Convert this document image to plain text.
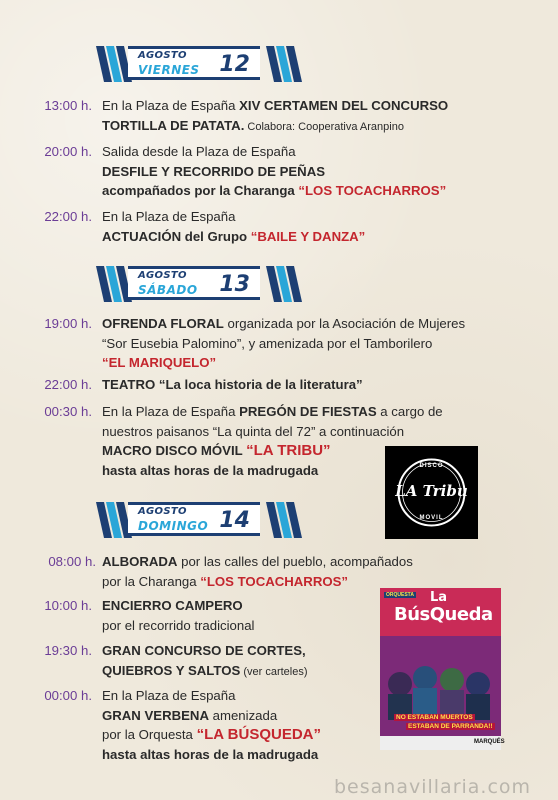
AGOSTO
VIERNES 12
13:00 h. En la Plaza de España XIV CERTAMEN DEL CONCURSO
TORTILLA DE PATATA. Colabora: Cooperativa Aranpino
20:00 h. Salida desde la Plaza de España
DESFILE Y RECORRIDO DE PEÑAS
acompañados por la Charanga “LOS TOCACHARROS”
22:00 h. En la Plaza de España
ACTUACIÓN del Grupo “BAILE Y DANZA”
AGOSTO
SÁBADO 13
19:00 h. OFRENDA FLORAL organizada por la Asociación de Mujeres
“Sor Eusebia Palomino”, y amenizada por el Tamborilero
“EL MARIQUELO”
22:00 h. TEATRO “La loca historia de la literatura”
00:30 h. En la Plaza de España PREGÓN DE FIESTAS a cargo de
nuestros paisanos “La quinta del 72” a continuación
MACRO DISCO MÓVIL “LA TRIBU”
hasta altas horas de la madrugada	DISCO
LA Tribu
MOVIL
AGOSTO
DOMINGO 14
08:00 h. ALBORADA por las calles del pueblo, acompañados
por la Charanga “LOS TOCACHARROS”
10:00 h. ENCIERRO CAMPERO
por el recorrido tradicional
19:30 h. GRAN CONCURSO DE CORTES,
QUIEBROS Y SALTOS (ver carteles)
00:00 h. En la Plaza de España
GRAN VERBENA amenizada
por la Orquesta “LA BÚSQUEDA”
hasta altas horas de la madrugada
ORQUESTA La
BúsQueda
NO ESTABAN MUERTOS
ESTABAN DE PARRANDA!!
MARQUÉS
besanavillaria.com
